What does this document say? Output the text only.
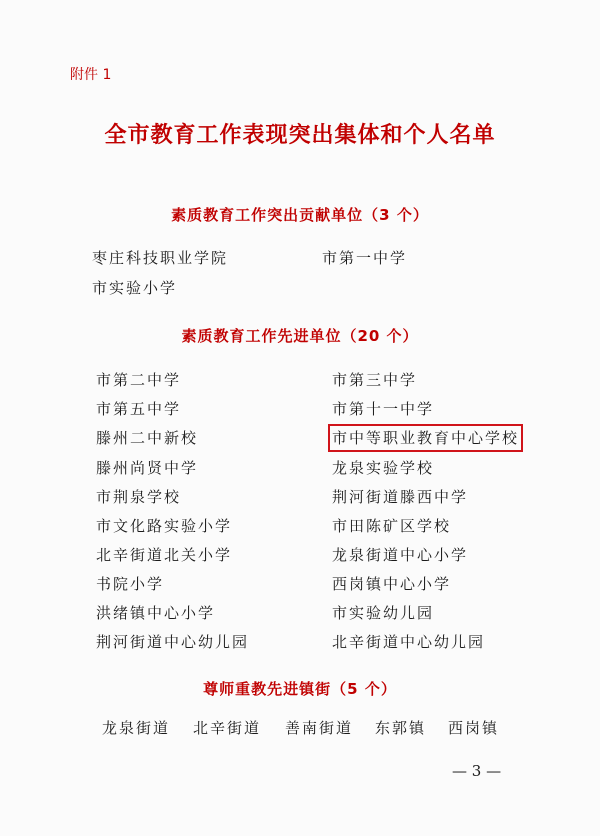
附件 1
全市教育工作表现突出集体和个人名单
素质教育工作突出贡献单位（3 个）
枣庄科技职业学院	市第一中学
市实验小学
素质教育工作先进单位（20 个）
市第二中学	市第三中学
市第五中学	市第十一中学
滕州二中新校	市中等职业教育中心学校
滕州尚贤中学	龙泉实验学校
市荆泉学校	荆河街道滕西中学
市文化路实验小学	市田陈矿区学校
北辛街道北关小学	龙泉街道中心小学
书院小学	西岗镇中心小学
洪绪镇中心小学	市实验幼儿园
荆河街道中心幼儿园	北辛街道中心幼儿园
尊师重教先进镇街（5 个）
龙泉街道 北辛街道 善南街道 东郭镇 西岗镇
— 3 —
